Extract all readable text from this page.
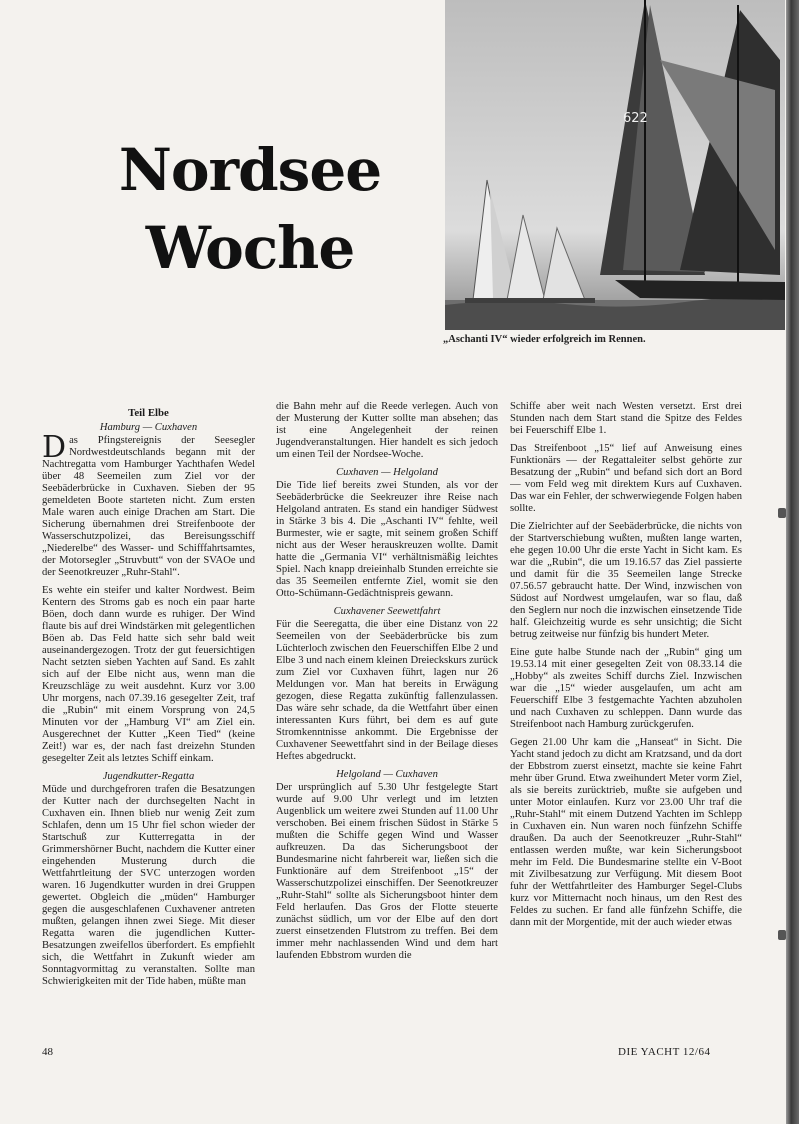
Nordsee
Woche
622
„Aschanti IV“ wieder erfolgreich im Rennen.
Teil Elbe
Hamburg — Cuxhaven

Das Pfingstereignis der Seesegler Nordwestdeutschlands begann mit der Nachtregatta vom Hamburger Yachthafen Wedel über 48 Seemeilen zum Ziel vor der Seebäderbrücke in Cuxhaven. Sieben der 95 gemeldeten Boote starteten nicht. Zum ersten Male waren auch einige Drachen am Start. Die Sicherung übernahmen drei Streifenboote der Wasserschutzpolizei, das Bereisungsschiff „Niederelbe“ des Wasser- und Schifffahrtsamtes, der Motorsegler „Struvbutt“ von der SVAOe und der Seenotkreuzer „Ruhr-Stahl“.

Es wehte ein steifer und kalter Nordwest. Beim Kentern des Stroms gab es noch ein paar harte Böen, doch dann wurde es ruhiger. Der Wind flaute bis auf drei Windstärken mit gelegentlichen Böen ab. Das Feld hatte sich sehr bald weit auseinandergezogen. Trotz der gut feuersichtigen Nacht setzten sieben Yachten auf Sand. Es zahlt sich auf der Elbe nicht aus, wenn man die Kreuzschläge zu weit ausdehnt. Kurz vor 3.00 Uhr morgens, nach 07.39.16 gesegelter Zeit, traf die „Rubin“ mit einem Vorsprung von 24,5 Minuten vor der „Hamburg VI“ am Ziel ein. Ausgerechnet der Kutter „Keen Tied“ (keine Zeit!) war es, der nach fast dreizehn Stunden gesegelter Zeit als letztes Schiff einkam.

Jugendkutter-Regatta

Müde und durchgefroren trafen die Besatzungen der Kutter nach der durchsegelten Nacht in Cuxhaven ein. Ihnen blieb nur wenig Zeit zum Schlafen, denn um 15 Uhr fiel schon wieder der Startschuß zur Kutterregatta in der Grimmershörner Bucht, nachdem die Kutter einer eingehenden Musterung durch die Wettfahrtleitung der SVC unterzogen worden waren. 16 Jugendkutter wurden in drei Gruppen gewertet. Obgleich die „müden“ Hamburger gegen die ausgeschlafenen Cuxhavener antreten mußten, gelangen ihnen zwei Siege. Mit dieser Regatta waren die jugendlichen Kutter-Besatzungen zweifellos überfordert. Es empfiehlt sich, die Wettfahrt in Zukunft wieder am Sonntagvormittag zu veranstalten. Sollte man Schwierigkeiten mit der Tide haben, müßte man

die Bahn mehr auf die Reede verlegen. Auch von der Musterung der Kutter sollte man absehen; das ist eine Angelegenheit der reinen Jugendveranstaltungen. Hier handelt es sich jedoch um einen Teil der Nordsee-Woche.

Cuxhaven — Helgoland

Die Tide lief bereits zwei Stunden, als vor der Seebäderbrücke die Seekreuzer ihre Reise nach Helgoland antraten. Es stand ein handiger Südwest in Stärke 3 bis 4. Die „Aschanti IV“ fehlte, weil Burmester, wie er sagte, mit seinem großen Schiff nicht aus der Weser herauskreuzen wollte. Damit hatte die „Germania VI“ verhältnismäßig leichtes Spiel. Nach knapp dreieinhalb Stunden erreichte sie das 35 Seemeilen entfernte Ziel, womit sie den Otto-Schümann-Gedächtnispreis gewann.

Cuxhavener Seewettfahrt

Für die Seeregatta, die über eine Distanz von 22 Seemeilen von der Seebäderbrücke bis zum Lüchterloch zwischen den Feuerschiffen Elbe 2 und Elbe 3 und nach einem kleinen Dreieckskurs zurück zum Ziel vor Cuxhaven führt, lagen nur 26 Meldungen vor. Man hat bereits in Erwägung gezogen, diese Regatta zukünftig fallenzulassen. Das wäre sehr schade, da die Wettfahrt über einen interessanten Kurs führt, bei dem es auf gute Stromkenntnisse ankommt. Die Ergebnisse der Cuxhavener Seewettfahrt sind in der Beilage dieses Heftes abgedruckt.

Helgoland — Cuxhaven

Der ursprünglich auf 5.30 Uhr festgelegte Start wurde auf 9.00 Uhr verlegt und im letzten Augenblick um weitere zwei Stunden auf 11.00 Uhr verschoben. Bei einem frischen Südost in Stärke 5 mußten die Schiffe gegen Wind und Wasser aufkreuzen. Da das Sicherungsboot der Bundesmarine nicht fahrbereit war, ließen sich die Funktionäre auf dem Streifenboot „15“ der Wasserschutzpolizei einschiffen. Der Seenotkreuzer „Ruhr-Stahl“ sollte als Sicherungsboot hinter dem Feld herlaufen. Das Gros der Flotte steuerte zunächst südlich, um vor der Elbe auf den dort zuerst einsetzenden Flutstrom zu treffen. Bei dem immer mehr nachlassenden Wind und dem hart laufenden Ebbstrom wurden die

Schiffe aber weit nach Westen versetzt. Erst drei Stunden nach dem Start stand die Spitze des Feldes bei Feuerschiff Elbe 1.

Das Streifenboot „15“ lief auf Anweisung eines Funktionärs — der Regattaleiter selbst gehörte zur Besatzung der „Rubin“ und befand sich dort an Bord — vom Feld weg mit direktem Kurs auf Cuxhaven. Das war ein Fehler, der schwerwiegende Folgen haben sollte.

Die Zielrichter auf der Seebäderbrücke, die nichts von der Startverschiebung wußten, mußten lange warten, ehe gegen 10.00 Uhr die erste Yacht in Sicht kam. Es war die „Rubin“, die um 19.16.57 das Ziel passierte und damit für die 35 Seemeilen lange Strecke 07.56.57 gebraucht hatte. Der Wind, inzwischen von Südost auf Nordwest umgelaufen, war so flau, daß den Seglern nur noch die inzwischen einsetzende Tide half. Gleichzeitig wurde es sehr unsichtig; die Sicht betrug zeitweise nur fünfzig bis hundert Meter.

Eine gute halbe Stunde nach der „Rubin“ ging um 19.53.14 mit einer gesegelten Zeit von 08.33.14 die „Hobby“ als zweites Schiff durchs Ziel. Inzwischen war die „15“ wieder ausgelaufen, um acht am Feuerschiff Elbe 3 festgemachte Yachten abzuholen und nach Cuxhaven zu schleppen. Dann wurde das Streifenboot nach Hamburg zurückgerufen.

Gegen 21.00 Uhr kam die „Hanseat“ in Sicht. Die Yacht stand jedoch zu dicht am Kratzsand, und da dort der Ebbstrom zuerst einsetzt, machte sie keine Fahrt mehr über Grund. Etwa zweihundert Meter vorm Ziel, als sie bereits zurücktrieb, mußte sie aufgeben und unter Motor einlaufen. Kurz vor 23.00 Uhr traf die „Ruhr-Stahl“ mit einem Dutzend Yachten im Schlepp in Cuxhaven ein. Nun waren noch fünfzehn Schiffe draußen. Da auch der Seenotkreuzer „Ruhr-Stahl“ entlassen werden mußte, war kein Sicherungsboot mehr im Feld. Die Bundesmarine stellte ein V-Boot mit Zivilbesatzung zur Verfügung. Mit diesem Boot fuhr der Wettfahrtleiter des Hamburger Segel-Clubs kurz vor Mitternacht noch hinaus, um den Rest des Feldes zu suchen. Er fand alle fünfzehn Schiffe, die dann mit der Morgentide, mit der auch wieder etwas

48	DIE YACHT 12/64
